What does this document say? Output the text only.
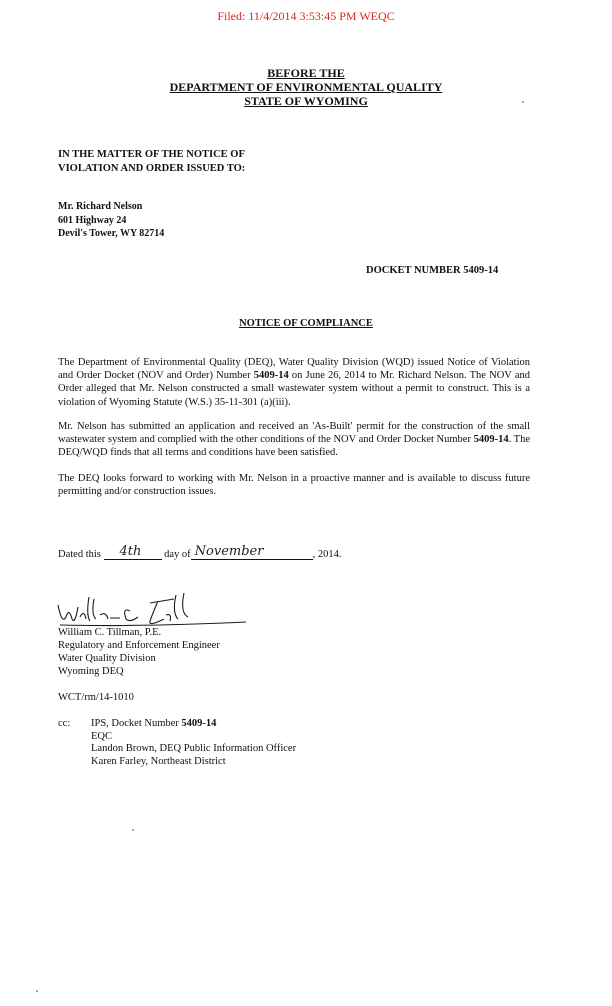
Filed: 11/4/2014 3:53:45 PM WEQC
BEFORE THE
DEPARTMENT OF ENVIRONMENTAL QUALITY
STATE OF WYOMING
IN THE MATTER OF THE NOTICE OF
VIOLATION AND ORDER ISSUED TO:
Mr. Richard Nelson
601 Highway 24
Devil's Tower, WY 82714
DOCKET NUMBER 5409-14
NOTICE OF COMPLIANCE
The Department of Environmental Quality (DEQ), Water Quality Division (WQD) issued Notice of Violation and Order Docket (NOV and Order) Number 5409-14 on June 26, 2014 to Mr. Richard Nelson. The NOV and Order alleged that Mr. Nelson constructed a small wastewater system without a permit to construct. This is a violation of Wyoming Statute (W.S.) 35-11-301 (a)(iii).
Mr. Nelson has submitted an application and received an 'As-Built' permit for the construction of the small wastewater system and complied with the other conditions of the NOV and Order Docket Number 5409-14. The DEQ/WQD finds that all terms and conditions have been satisfied.
The DEQ looks forward to working with Mr. Nelson in a proactive manner and is available to discuss future permitting and/or construction issues.
Dated this 4th day of November	, 2014.
William C. Tillman, P.E.
Regulatory and Enforcement Engineer
Water Quality Division
Wyoming DEQ
WCT/rm/14-1010
cc: IPS, Docket Number 5409-14
EQC
Landon Brown, DEQ Public Information Officer
Karen Farley, Northeast District
